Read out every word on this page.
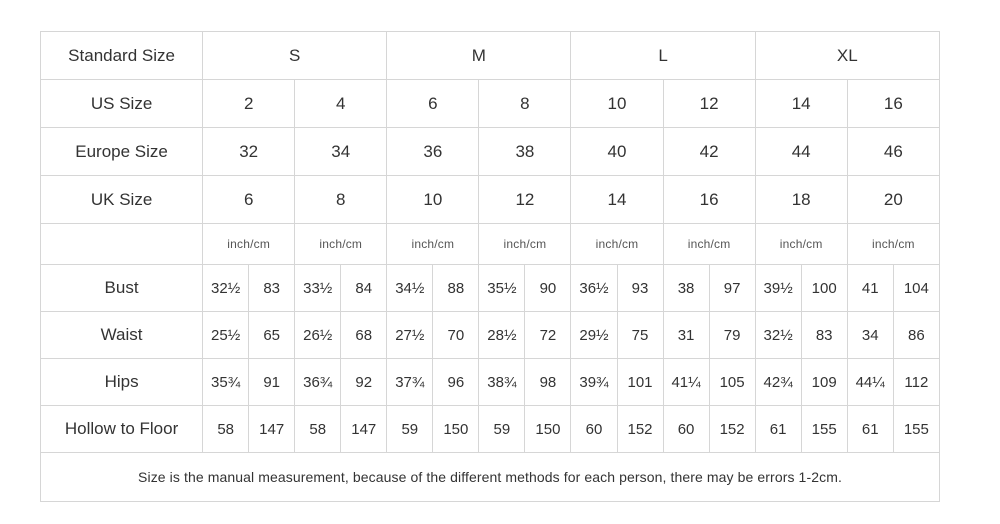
Standard Size	S				M				L				XL			
US Size	2		4		6		8		10		12		14		16	
Europe Size	32		34		36		38		40		42		44		46	
UK Size	6		8		10		12		14		16		18		20	
	inch/cm		inch/cm		inch/cm		inch/cm		inch/cm		inch/cm		inch/cm		inch/cm	
Bust	32½	83	33½	84	34½	88	35½	90	36½	93	38	97	39½	100	41	104
Waist	25½	65	26½	68	27½	70	28½	72	29½	75	31	79	32½	83	34	86
Hips	35¾	91	36¾	92	37¾	96	38¾	98	39¾	101	41¼	105	42¾	109	44¼	112
Hollow to Floor	58	147	58	147	59	150	59	150	60	152	60	152	61	155	61	155
Size is the manual measurement, because of the different methods for each person, there may be errors 1-2cm.																
